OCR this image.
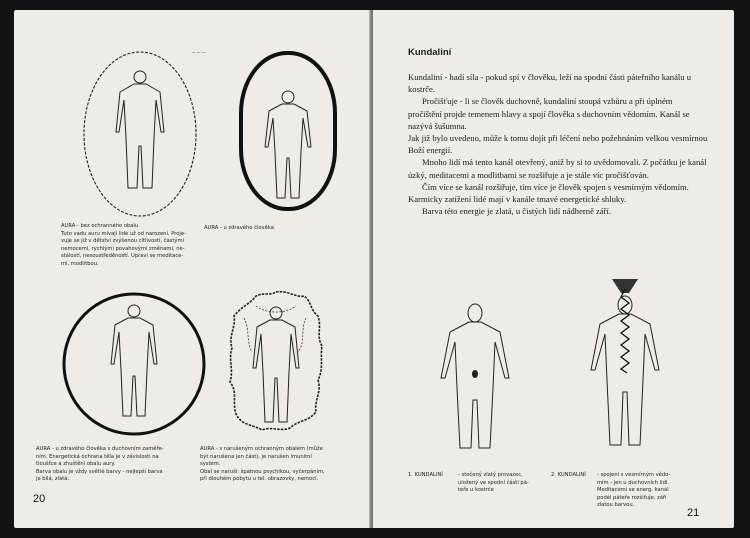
– – –
AURA - bez ochranného obalu
Tuto vadu auru mívají lidé už od narození. Proje-
vuje se již v dětství zvýšenou citlivostí, častými
nemocemi, rychlými povahovými změnami, ne-
stálostí, nesoustředěností. Upraví se meditace-
mi, modlitbou.
AURA - u zdravého člověka
AURA - u zdravého člověka s duchovním zaměře-
ním. Energetická ochrana těla je v závislosti na
tloušťce a zhuštění obalu aury.
Barva obalu je vždy světlé barvy - nejlepší barva
je bílá, zlatá.
AURA - s narušeným ochranným obalem (může
být narušena jen část), je narušen imunitní
systém.
Obal se naruší: špatnou psychikou, vyčerpáním,
při dlouhém pobytu u tel. obrazovky, nemocí.
20
Kundaliní

Kundaliní - hadí síla - pokud spí v člověku, leží na spodní části páteřního kanálu u kostrče.

Pročišťuje - li se člověk duchovně, kundaliní stoupá vzhůru a při úplném pročištění projde temenem hlavy a spojí člověka s duchovním vědomím. Kanál se nazývá šušumna.

Jak již bylo uvedeno, může k tomu dojít při léčení nebo požehnáním velkou vesmírnou Boží energií.

Mnoho lidí má tento kanál otevřený, aniž by si to uvědomovali. Z počátku je kanál úzký, meditacemi a modlitbami se rozšiřuje a je stále víc pročišťován.

Čím více se kanál rozšiřuje, tím více je člověk spojen s vesmírným vědomím. Karmicky zatížení lidé mají v kanále tmavé energetické shluky.

Barva této energie je zlatá, u čistých lidí nádherně září.

1. KUNDALINÍ	- stočený zlatý provazec,
uložený ve spodní části pá-
teře u kostrče
2. KUNDALINÍ - spojení s vesmírným vědo-
mím - jen u duchovních lidí.
Meditacemi se energ. kanál
podél páteře rozšiřuje, září
zlatou barvou.
21
